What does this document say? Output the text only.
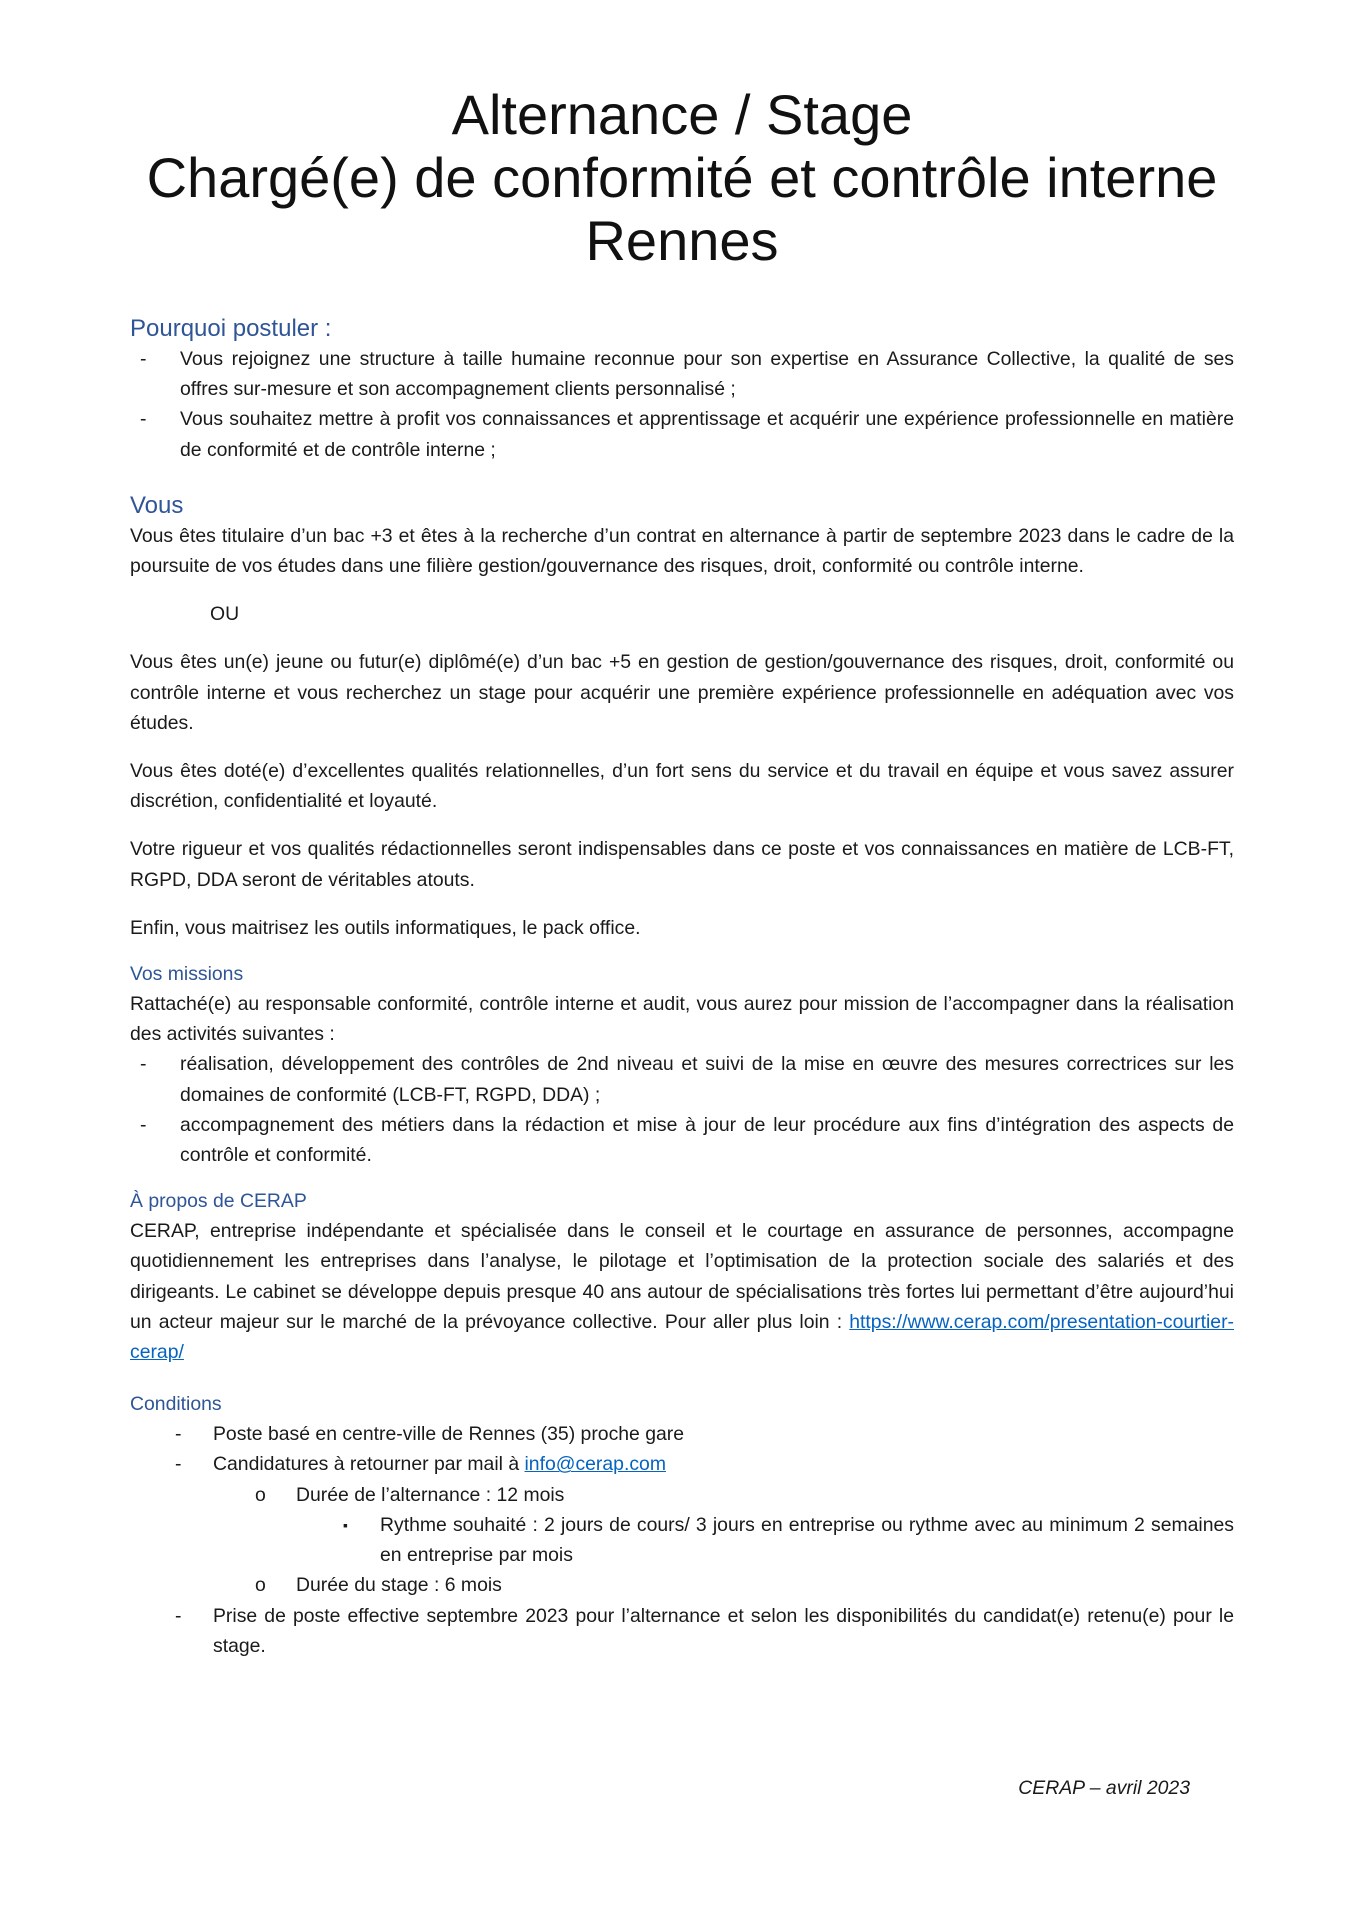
Alternance / Stage
Chargé(e) de conformité et contrôle interne
Rennes
Pourquoi postuler :
- Vous rejoignez une structure à taille humaine reconnue pour son expertise en Assurance Collective, la qualité de ses offres sur-mesure et son accompagnement clients personnalisé ;
- Vous souhaitez mettre à profit vos connaissances et apprentissage et acquérir une expérience professionnelle en matière de conformité et de contrôle interne ;
Vous

Vous êtes titulaire d’un bac +3 et êtes à la recherche d’un contrat en alternance à partir de septembre 2023 dans le cadre de la poursuite de vos études dans une filière gestion/gouvernance des risques, droit, conformité ou contrôle interne.

OU

Vous êtes un(e) jeune ou futur(e) diplômé(e) d’un bac +5 en gestion de gestion/gouvernance des risques, droit, conformité ou contrôle interne et vous recherchez un stage pour acquérir une première expérience professionnelle en adéquation avec vos études.

Vous êtes doté(e) d’excellentes qualités relationnelles, d’un fort sens du service et du travail en équipe et vous savez assurer discrétion, confidentialité et loyauté.

Votre rigueur et vos qualités rédactionnelles seront indispensables dans ce poste et vos connaissances en matière de LCB-FT, RGPD, DDA seront de véritables atouts.

Enfin, vous maitrisez les outils informatiques, le pack office.

Vos missions

Rattaché(e) au responsable conformité, contrôle interne et audit, vous aurez pour mission de l’accompagner dans la réalisation des activités suivantes :

- réalisation, développement des contrôles de 2nd niveau et suivi de la mise en œuvre des mesures correctrices sur les domaines de conformité (LCB-FT, RGPD, DDA) ;
- accompagnement des métiers dans la rédaction et mise à jour de leur procédure aux fins d’intégration des aspects de contrôle et conformité.
À propos de CERAP

CERAP, entreprise indépendante et spécialisée dans le conseil et le courtage en assurance de personnes, accompagne quotidiennement les entreprises dans l’analyse, le pilotage et l’optimisation de la protection sociale des salariés et des dirigeants. Le cabinet se développe depuis presque 40 ans autour de spécialisations très fortes lui permettant d’être aujourd’hui un acteur majeur sur le marché de la prévoyance collective. Pour aller plus loin : https://www.cerap.com/presentation-courtier-cerap/

Conditions
- Poste basé en centre-ville de Rennes (35) proche gare
- Candidatures à retourner par mail à info@cerap.com
o Durée de l’alternance : 12 mois
▪ Rythme souhaité : 2 jours de cours/ 3 jours en entreprise ou rythme avec au minimum 2 semaines en entreprise par mois
o Durée du stage : 6 mois
- Prise de poste effective septembre 2023 pour l’alternance et selon les disponibilités du candidat(e) retenu(e) pour le stage.
CERAP – avril 2023
